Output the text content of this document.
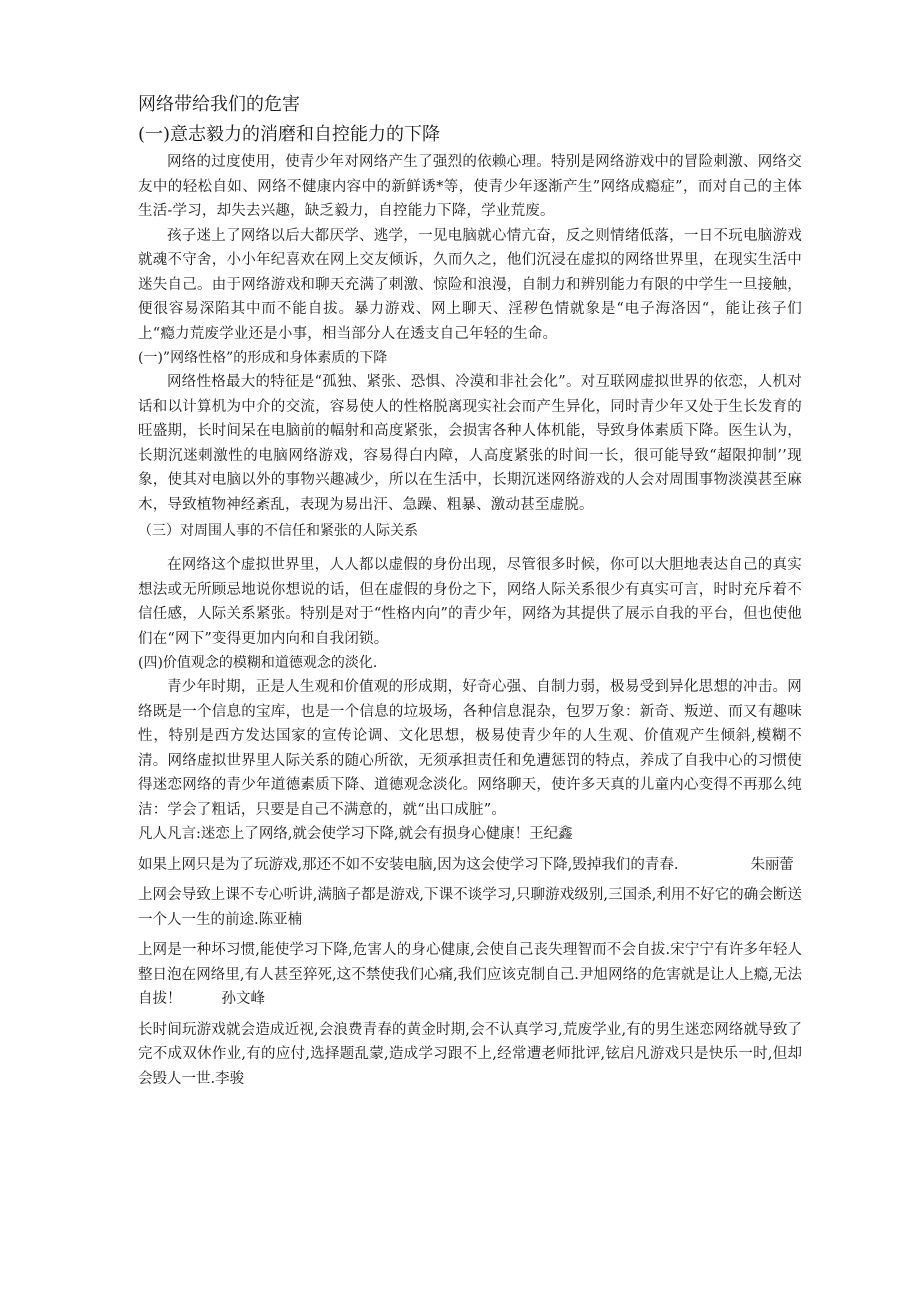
网络带给我们的危害
(一)意志毅力的消磨和自控能力的下降

网络的过度使用，使青少年对网络产生了强烈的依赖心理。特别是网络游戏中的冒险刺激、网络交友中的轻松自如、网络不健康内容中的新鲜诱*等，使青少年逐渐产生”网络成瘾症”，而对自己的主体生活-学习，却失去兴趣，缺乏毅力，自控能力下降，学业荒废。

孩子迷上了网络以后大都厌学、逃学，一见电脑就心情亢奋，反之则情绪低落，一日不玩电脑游戏就魂不守舍，小小年纪喜欢在网上交友倾诉，久而久之，他们沉浸在虚拟的网络世界里，在现实生活中迷失自己。由于网络游戏和聊天充满了刺激、惊险和浪漫，自制力和辨别能力有限的中学生一旦接触，便很容易深陷其中而不能自拔。暴力游戏、网上聊天、淫秽色情就象是“电子海洛因“，能让孩子们上“瘾力荒废学业还是小事，相当部分人在透支自己年轻的生命。

(一)”网络性格”的形成和身体素质的下降

网络性格最大的特征是“孤独、紧张、恐惧、冷漠和非社会化”。对互联网虚拟世界的依恋，人机对话和以计算机为中介的交流，容易使人的性格脱离现实社会而产生异化，同时青少年又处于生长发育的旺盛期，长时间呆在电脑前的幅射和高度紧张，会损害各种人体机能，导致身体素质下降。医生认为，长期沉迷刺激性的电脑网络游戏，容易得白内障，人高度紧张的时间一长，很可能导致“超限抑制’’现象，使其对电脑以外的事物兴趣减少，所以在生活中，长期沉迷网络游戏的人会对周围事物淡漠甚至麻木，导致植物神经紊乱，表现为易出汗、急躁、粗暴、激动甚至虚脱。

（三）对周围人事的不信任和紧张的人际关系

在网络这个虚拟世界里，人人都以虚假的身份出现，尽管很多时候，你可以大胆地表达自己的真实想法或无所顾忌地说你想说的话，但在虚假的身份之下，网络人际关系很少有真实可言，时时充斥着不信任感，人际关系紧张。特别是对于“性格内向”的青少年，网络为其提供了展示自我的平台，但也使他们在“网下”变得更加内向和自我闭锁。

(四)价值观念的模糊和道德观念的淡化.

青少年时期，正是人生观和价值观的形成期，好奇心强、自制力弱，极易受到异化思想的冲击。网络既是一个信息的宝库，也是一个信息的垃圾场，各种信息混杂，包罗万象：新奇、叛逆、而又有趣味性，特别是西方发达国家的宣传论调、文化思想，极易使青少年的人生观、价值观产生倾斜,模糊不清。网络虚拟世界里人际关系的随心所欲，无须承担责任和免遭惩罚的特点，养成了自我中心的习惯使得迷恋网络的青少年道德素质下降、道德观念淡化。网络聊天，使许多天真的儿童内心变得不再那么纯洁：学会了粗话，只要是自己不满意的，就“出口成脏”。

凡人凡言:迷恋上了网络,就会使学习下降,就会有损身心健康！王纪鑫

如果上网只是为了玩游戏,那还不如不安装电脑,因为这会使学习下降,毁掉我们的青春.	朱丽蕾

上网会导致上课不专心听讲,满脑子都是游戏,下课不谈学习,只聊游戏级别,三国杀,利用不好它的确会断送一个人一生的前途.陈亚楠

上网是一种坏习惯,能使学习下降,危害人的身心健康,会使自己丧失理智而不会自拔.宋宁宁有许多年轻人整日泡在网络里,有人甚至猝死,这不禁使我们心痛,我们应该克制自己.尹旭网络的危害就是让人上瘾,无法自拔！	孙文峰

长时间玩游戏就会造成近视,会浪费青春的黄金时期,会不认真学习,荒废学业,有的男生迷恋网络就导致了完不成双休作业,有的应付,选择题乱蒙,造成学习跟不上,经常遭老师批评,铉启凡游戏只是快乐一时,但却会毁人一世.李骏
